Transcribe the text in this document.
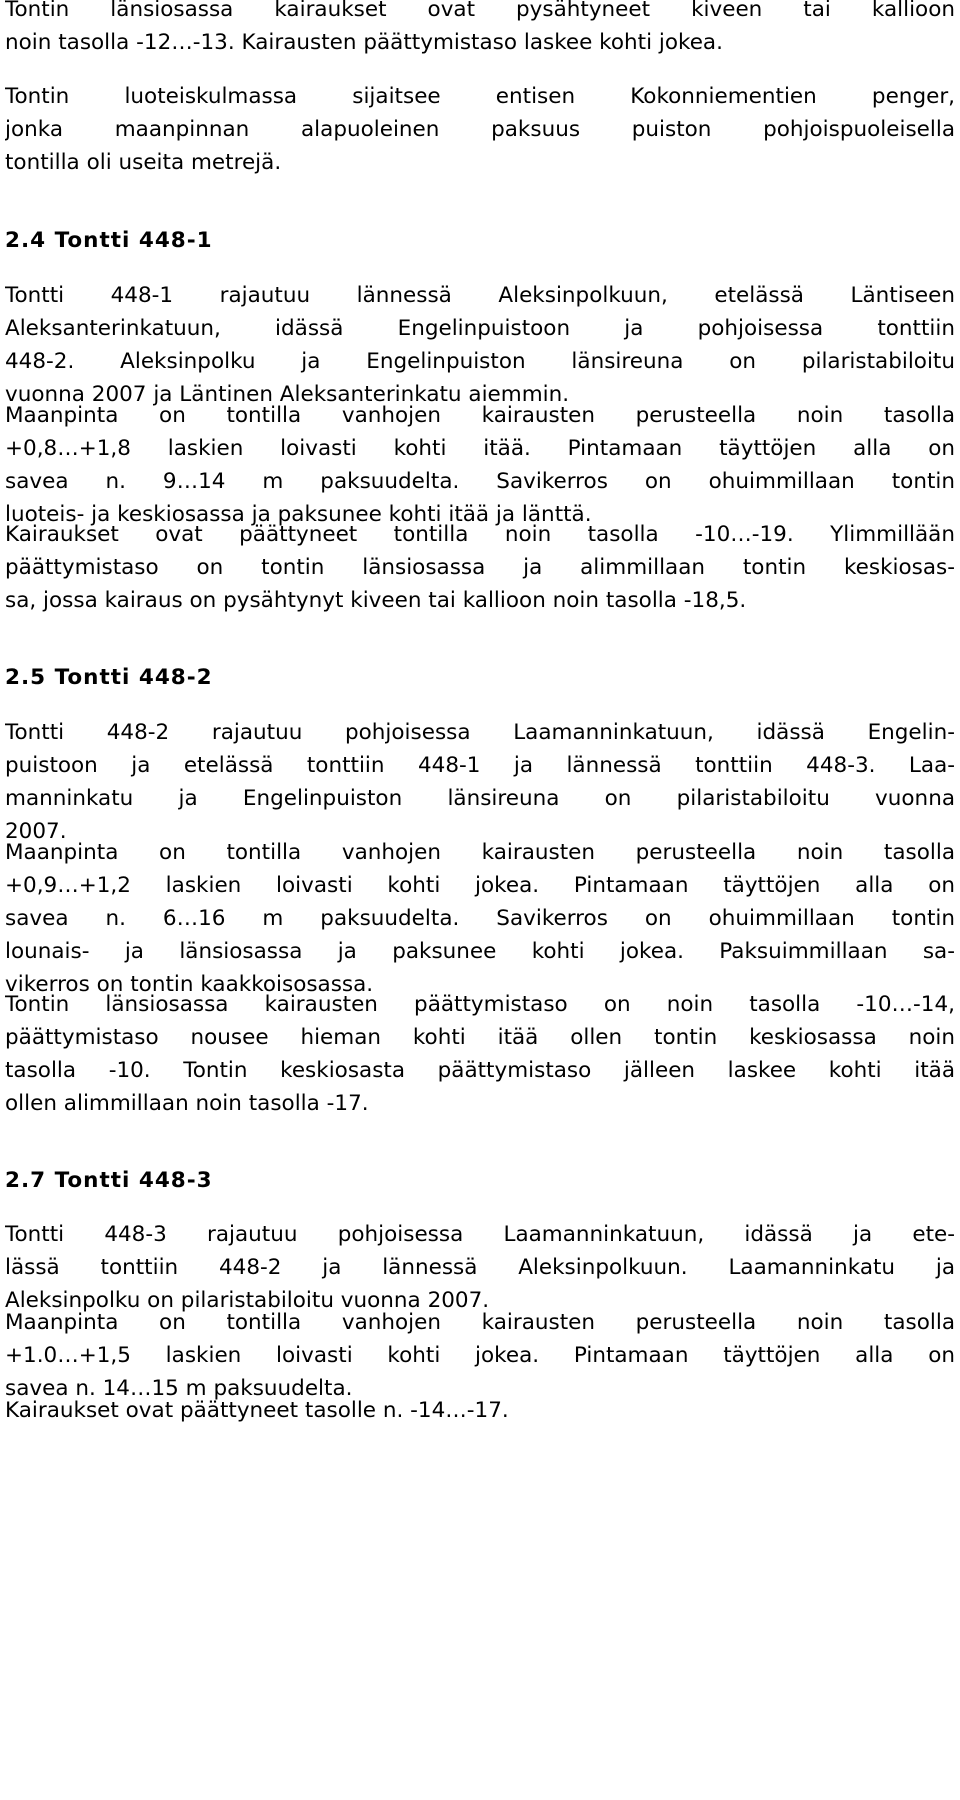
Tontin länsiosassa kairaukset ovat pysähtyneet kiveen tai kallioon
noin tasolla -12…-13. Kairausten päättymistaso laskee kohti jokea.
Tontin luoteiskulmassa sijaitsee entisen Kokonniementien penger,
jonka maanpinnan alapuoleinen paksuus puiston pohjoispuoleisella
tontilla oli useita metrejä.
2.4 Tontti 448-1
Tontti 448-1 rajautuu lännessä Aleksinpolkuun, etelässä Läntiseen
Aleksanterinkatuun, idässä Engelinpuistoon ja pohjoisessa tonttiin
448-2. Aleksinpolku ja Engelinpuiston länsireuna on pilaristabiloitu
vuonna 2007 ja Läntinen Aleksanterinkatu aiemmin.
Maanpinta on tontilla vanhojen kairausten perusteella noin tasolla
+0,8…+1,8 laskien loivasti kohti itää. Pintamaan täyttöjen alla on
savea n. 9…14 m paksuudelta. Savikerros on ohuimmillaan tontin
luoteis- ja keskiosassa ja paksunee kohti itää ja länttä.
Kairaukset ovat päättyneet tontilla noin tasolla -10…-19. Ylimmillään
päättymistaso on tontin länsiosassa ja alimmillaan tontin keskiosas-
sa, jossa kairaus on pysähtynyt kiveen tai kallioon noin tasolla -18,5.
2.5 Tontti 448-2
Tontti 448-2 rajautuu pohjoisessa Laamanninkatuun, idässä Engelin-
puistoon ja etelässä tonttiin 448-1 ja lännessä tonttiin 448-3. Laa-
manninkatu ja Engelinpuiston länsireuna on pilaristabiloitu vuonna
2007.
Maanpinta on tontilla vanhojen kairausten perusteella noin tasolla
+0,9…+1,2 laskien loivasti kohti jokea. Pintamaan täyttöjen alla on
savea n. 6…16 m paksuudelta. Savikerros on ohuimmillaan tontin
lounais- ja länsiosassa ja paksunee kohti jokea. Paksuimmillaan sa-
vikerros on tontin kaakkoisosassa.
Tontin länsiosassa kairausten päättymistaso on noin tasolla -10…-14,
päättymistaso nousee hieman kohti itää ollen tontin keskiosassa noin
tasolla -10. Tontin keskiosasta päättymistaso jälleen laskee kohti itää
ollen alimmillaan noin tasolla -17.
2.7 Tontti 448-3
Tontti 448-3 rajautuu pohjoisessa Laamanninkatuun, idässä ja ete-
lässä tonttiin 448-2 ja lännessä Aleksinpolkuun. Laamanninkatu ja
Aleksinpolku on pilaristabiloitu vuonna 2007.
Maanpinta on tontilla vanhojen kairausten perusteella noin tasolla
+1.0…+1,5 laskien loivasti kohti jokea. Pintamaan täyttöjen alla on
savea n. 14…15 m paksuudelta.
Kairaukset ovat päättyneet tasolle n. -14…-17.
